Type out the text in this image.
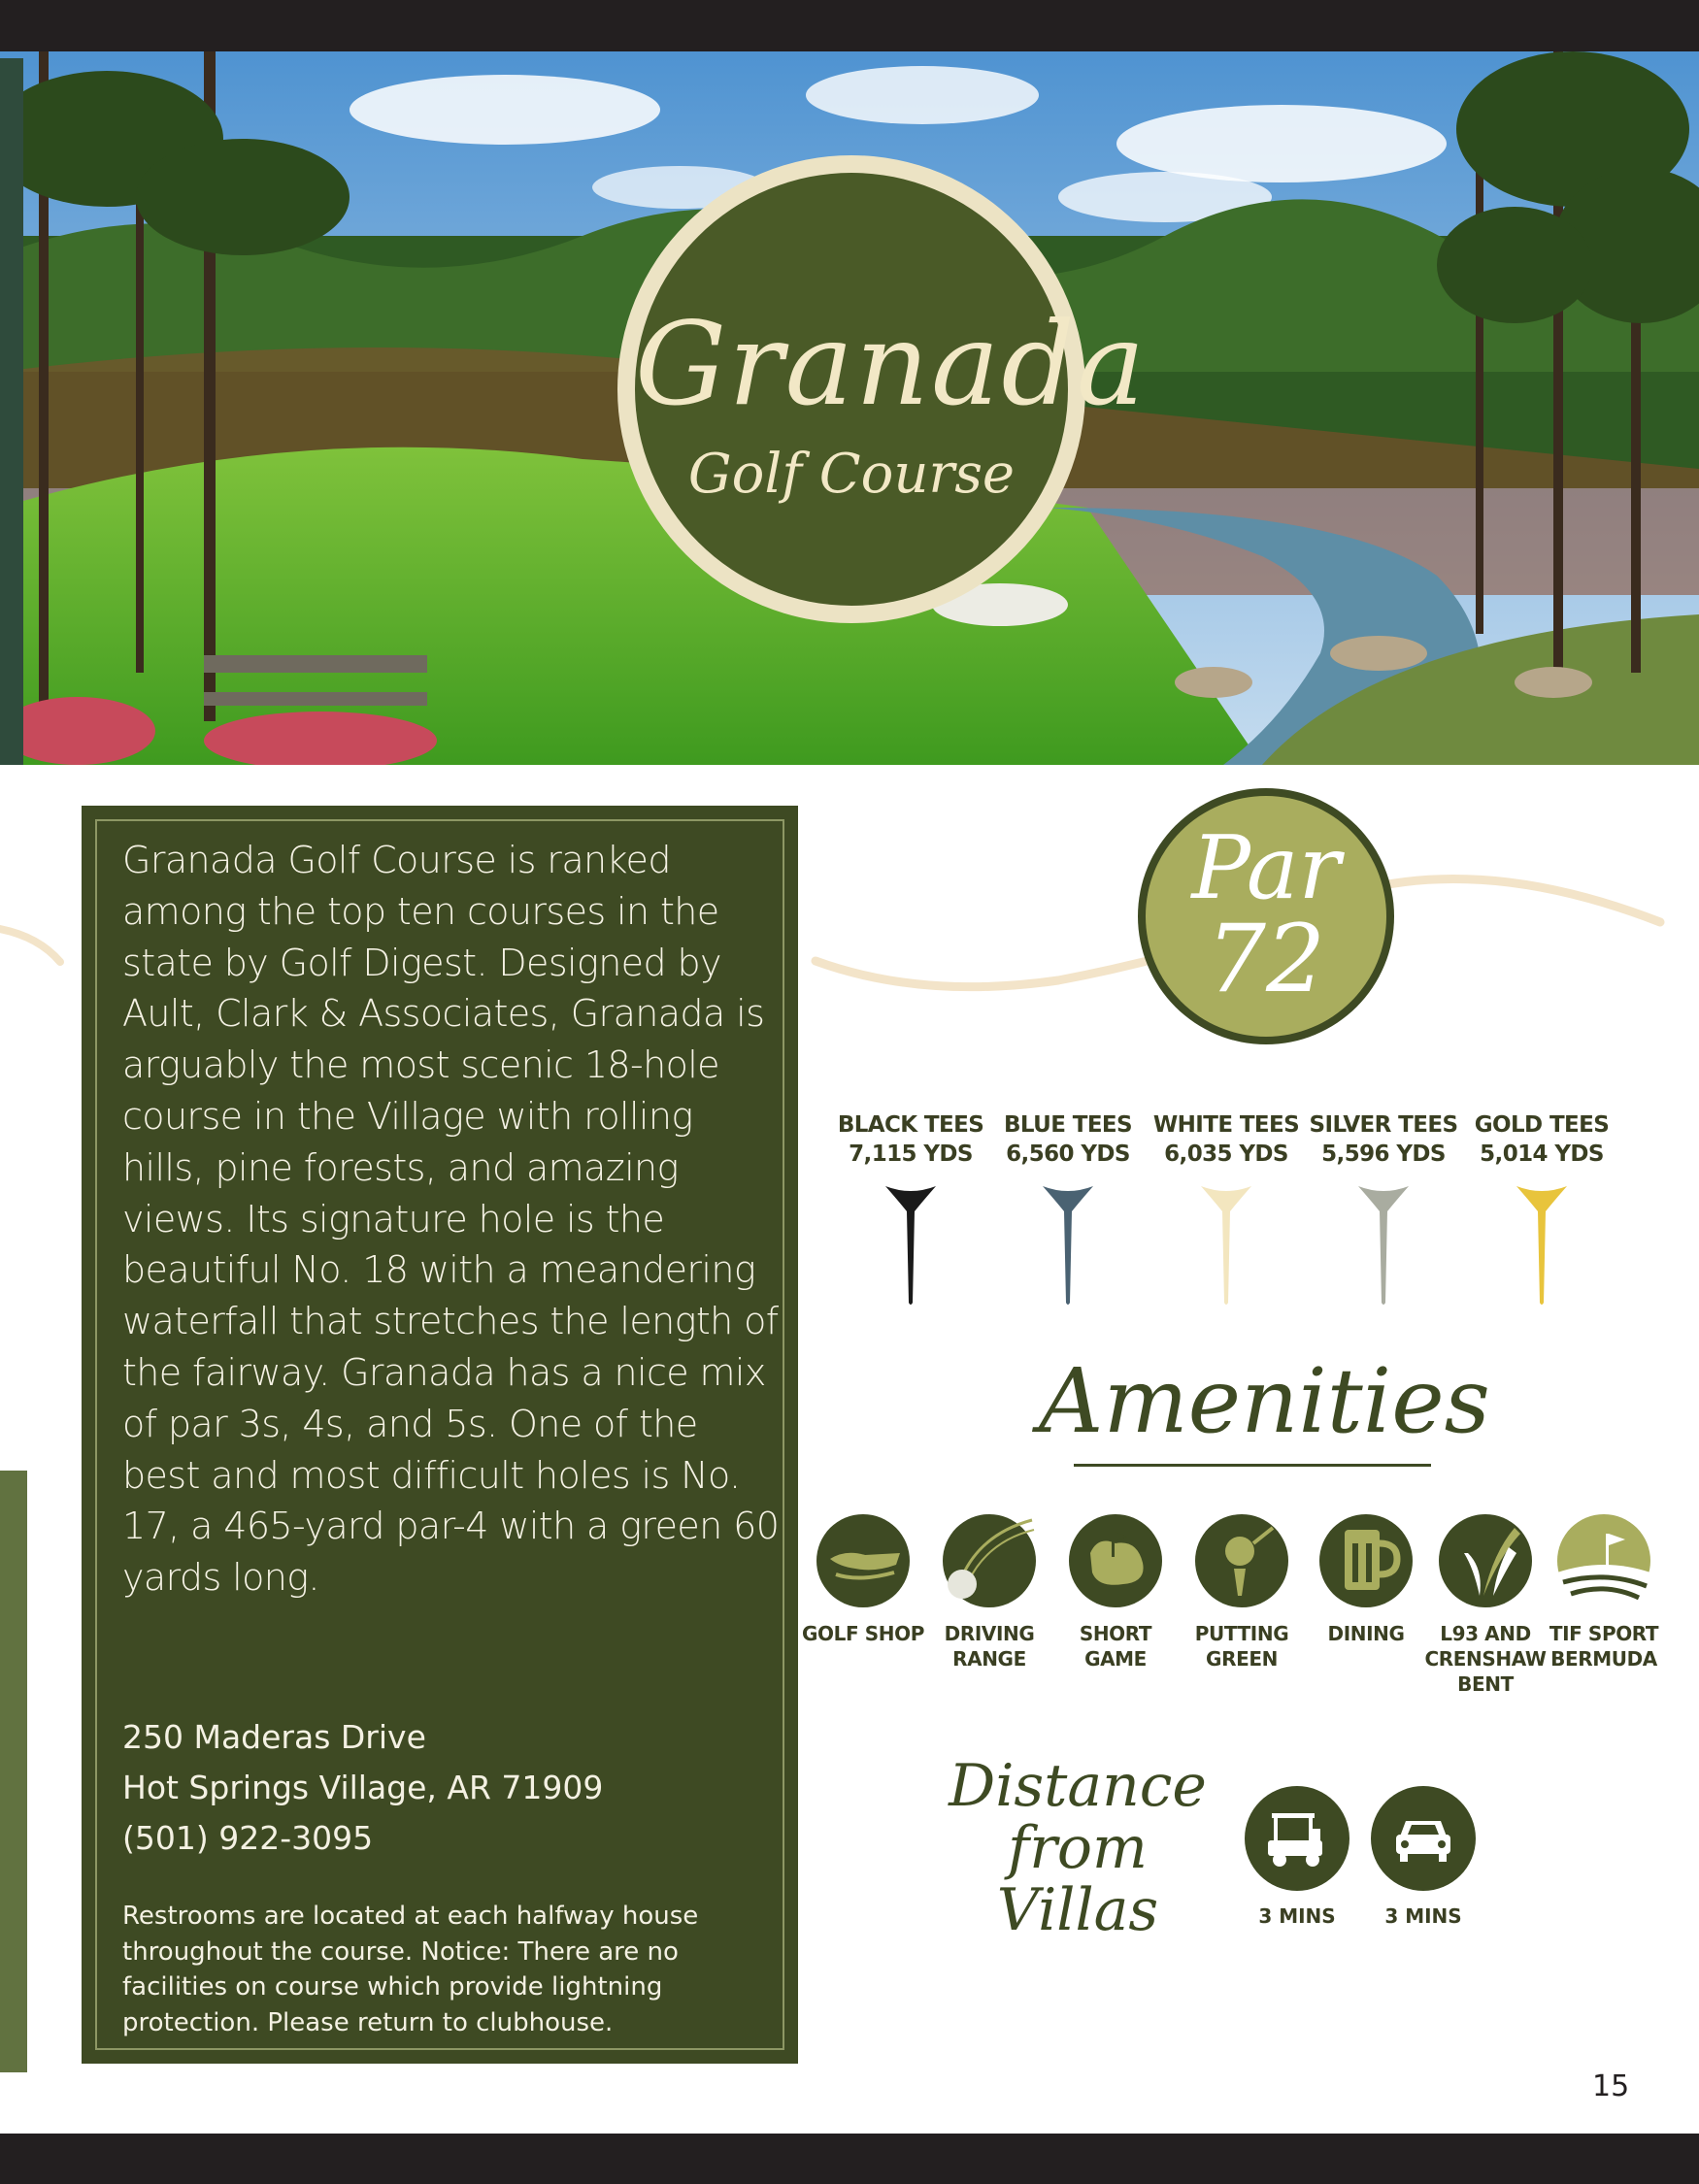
Granada
Golf Course
Granada Golf Course is ranked among the top ten courses in the state by Golf Digest. Designed by Ault, Clark & Associates, Granada is arguably the most scenic 18-hole course in the Village with rolling hills, pine forests, and amazing views. Its signature hole is the beautiful No. 18 with a meandering waterfall that stretches the length of the fairway. Granada has a nice mix of par 3s, 4s, and 5s. One of the best and most difficult holes is No. 17, a 465-yard par-4 with a green 60 yards long.
250 Maderas Drive
Hot Springs Village, AR 71909
(501) 922-3095
Restrooms are located at each halfway house throughout the course. Notice: There are no facilities on course which provide lightning protection. Please return to clubhouse.
Par
72
BLACK TEES
7,115 YDS
BLUE TEES
6,560 YDS
WHITE TEES
6,035 YDS
SILVER TEES
5,596 YDS
GOLD TEES
5,014 YDS
Amenities
GOLF SHOP	DRIVING
RANGE
SHORT
GAME
PUTTING
GREEN
DINING	L93 AND
CRENSHAW
BENT
TIF SPORT
BERMUDA
Distance
from Villas	3 MINS	3 MINS
15
